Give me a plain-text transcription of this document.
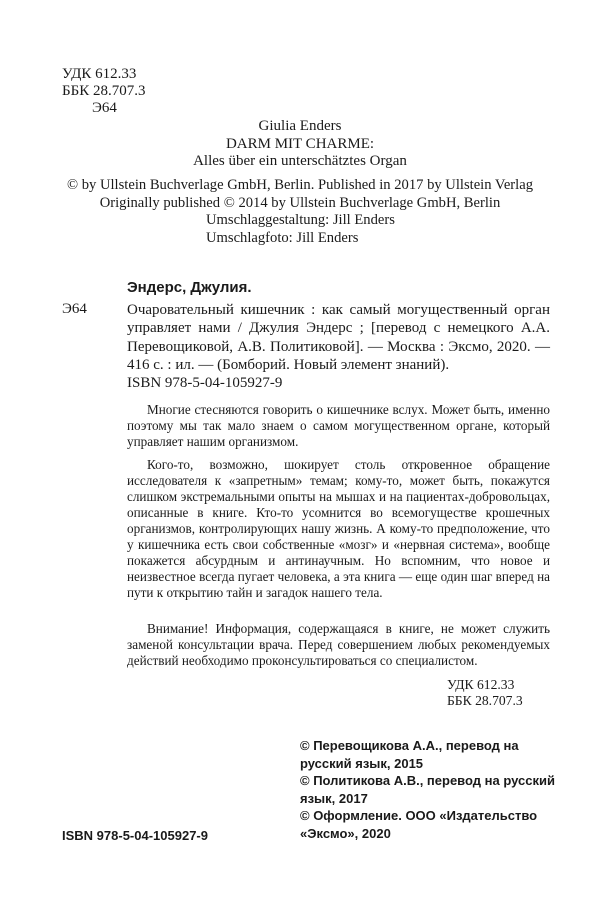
УДК 612.33
ББК 28.707.3
Э64
Giulia Enders
DARM MIT CHARME:
Alles über ein unterschätztes Organ
© by Ullstein Buchverlage GmbH, Berlin. Published in 2017 by Ullstein Verlag
Originally published © 2014 by Ullstein Buchverlage GmbH, Berlin
Umschlaggestaltung: Jill Enders
Umschlagfoto: Jill Enders
Эндерс, Джулия.
Э64	Очаровательный кишечник : как самый могущественный орган управляет нами / Джулия Эндерс ; [перевод с немецкого А.А. Перевощиковой, А.В. Политиковой]. — Москва : Эксмо, 2020. — 416 с. : ил. — (Бомборий. Новый элемент знаний).
ISBN 978-5-04-105927-9

Многие стесняются говорить о кишечнике вслух. Может быть, именно поэтому мы так мало знаем о самом могущественном органе, который управляет нашим организмом.

Кого-то, возможно, шокирует столь откровенное обращение исследователя к «запретным» темам; кому-то, может быть, покажутся слишком экстремальными опыты на мышах и на пациентах-добровольцах, описанные в книге. Кто-то усомнится во всемогуществе крошечных организмов, контролирующих нашу жизнь. А кому-то предположение, что у кишечника есть свои собственные «мозг» и «нервная система», вообще покажется абсурдным и антинаучным. Но вспомним, что новое и неизвестное всегда пугает человека, а эта книга — еще один шаг вперед на пути к открытию тайн и загадок нашего тела.

Внимание! Информация, содержащаяся в книге, не может служить заменой консультации врача. Перед совершением любых рекомендуемых действий необходимо проконсультироваться со специалистом.

УДК 612.33
ББК 28.707.3
© Перевощикова А.А., перевод на русский язык, 2015
© Политикова А.В., перевод на русский язык, 2017
© Оформление. ООО «Издательство «Эксмо», 2020
ISBN 978-5-04-105927-9
